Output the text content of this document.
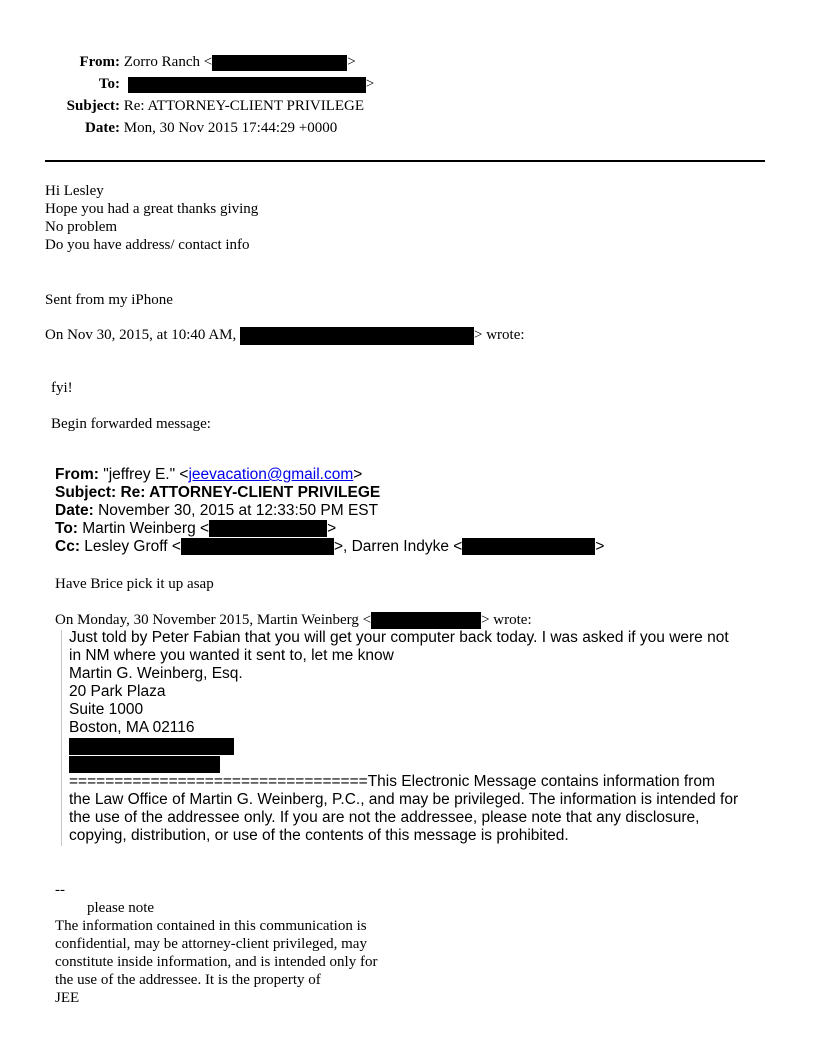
From: Zorro Ranch <	>
To:	>
Subject: Re: ATTORNEY-CLIENT PRIVILEGE
Date: Mon, 30 Nov 2015 17:44:29 +0000
Hi Lesley
Hope you had a great thanks giving
No problem
Do you have address/ contact info
Sent from my iPhone
On Nov 30, 2015, at 10:40 AM,	> wrote:
fyi!
Begin forwarded message:
From: "jeffrey E." <jeevacation@gmail.com>
Subject: Re: ATTORNEY-CLIENT PRIVILEGE
Date: November 30, 2015 at 12:33:50 PM EST
To: Martin Weinberg <	>
Cc: Lesley Groff <	>, Darren Indyke <	>
Have Brice pick it up asap
On Monday, 30 November 2015, Martin Weinberg <	> wrote:
Just told by Peter Fabian that you will get your computer back today. I was asked if you were not
in NM where you wanted it sent to, let me know
Martin G. Weinberg, Esq.
20 Park Plaza
Suite 1000
Boston, MA 02116
=================================This Electronic Message contains information from
the Law Office of Martin G. Weinberg, P.C., and may be privileged. The information is intended for
the use of the addressee only. If you are not the addressee, please note that any disclosure,
copying, distribution, or use of the contents of this message is prohibited.
--
please note
The information contained in this communication is
confidential, may be attorney-client privileged, may
constitute inside information, and is intended only for
the use of the addressee. It is the property of
JEE
